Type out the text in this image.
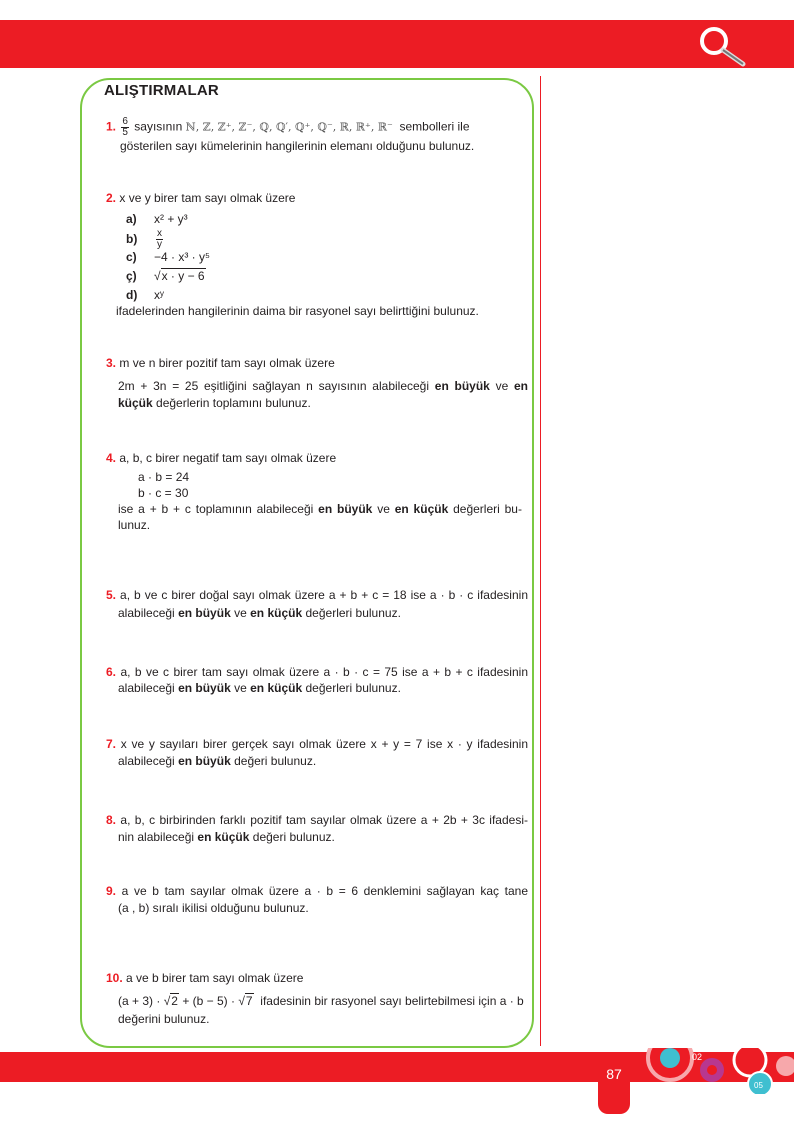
87
02
05
ALIŞTIRMALAR
1. $\frac{6}{5}$ sayısının ℕ, ℤ, ℤ⁺, ℤ⁻, ℚ, ℚ′, ℚ⁺, ℚ⁻, ℝ, ℝ⁺, ℝ⁻ sembolleri ile
gösterilen sayı kümelerinin hangilerinin elemanı olduğunu bulunuz.
2. x ve y birer tam sayı olmak üzere
a) x² + y³
$b) \frac{x}{y}$
c) −4 · x³ · y⁵
ç) √x · y − 6
d) xʸ
ifadelerinden hangilerinin daima bir rasyonel sayı belirttiğini bulunuz.
3. m ve n birer pozitif tam sayı olmak üzere
2m + 3n = 25 eşitliğini sağlayan n sayısının alabileceği en büyük ve en
küçük değerlerin toplamını bulunuz.
4. a, b, c birer negatif tam sayı olmak üzere
a · b = 24
b · c = 30
ise a + b + c toplamının alabileceği en büyük ve en küçük değerleri bu-
lunuz.
5. a, b ve c birer doğal sayı olmak üzere a + b + c = 18 ise a · b · c ifadesinin
alabileceği en büyük ve en küçük değerleri bulunuz.
6. a, b ve c birer tam sayı olmak üzere a · b · c = 75 ise a + b + c ifadesinin
alabileceği en büyük ve en küçük değerleri bulunuz.
7. x ve y sayıları birer gerçek sayı olmak üzere x + y = 7 ise x · y ifadesinin
alabileceği en büyük değeri bulunuz.
8. a, b, c birbirinden farklı pozitif tam sayılar olmak üzere a + 2b + 3c ifadesi-
nin alabileceği en küçük değeri bulunuz.
9. a ve b tam sayılar olmak üzere a · b = 6 denklemini sağlayan kaç tane
(a , b) sıralı ikilisi olduğunu bulunuz.
10. a ve b birer tam sayı olmak üzere
(a + 3) · √2 + (b − 5) · √7 ifadesinin bir rasyonel sayı belirtebilmesi için a · b
değerini bulunuz.
